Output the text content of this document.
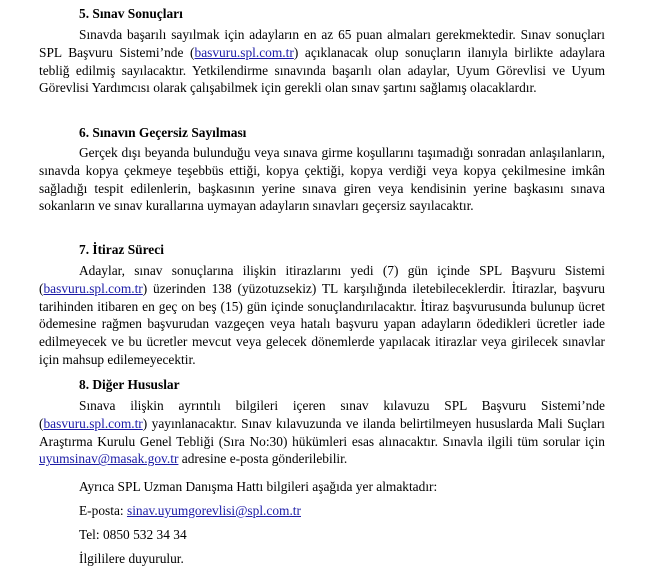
5. Sınav Sonuçları

Sınavda başarılı sayılmak için adayların en az 65 puan almaları gerekmektedir. Sınav sonuçları SPL Başvuru Sistemi’nde (basvuru.spl.com.tr) açıklanacak olup sonuçların ilanıyla birlikte adaylara tebliğ edilmiş sayılacaktır. Yetkilendirme sınavında başarılı olan adaylar, Uyum Görevlisi ve Uyum Görevlisi Yardımcısı olarak çalışabilmek için gerekli olan sınav şartını sağlamış olacaklardır.

6. Sınavın Geçersiz Sayılması

Gerçek dışı beyanda bulunduğu veya sınava girme koşullarını taşımadığı sonradan anlaşılanların, sınavda kopya çekmeye teşebbüs ettiği, kopya çektiği, kopya verdiği veya kopya çekilmesine imkân sağladığı tespit edilenlerin, başkasının yerine sınava giren veya kendisinin yerine başkasını sınava sokanların ve sınav kurallarına uymayan adayların sınavları geçersiz sayılacaktır.

7. İtiraz Süreci

Adaylar, sınav sonuçlarına ilişkin itirazlarını yedi (7) gün içinde SPL Başvuru Sistemi (basvuru.spl.com.tr) üzerinden 138 (yüzotuzsekiz) TL karşılığında iletebileceklerdir. İtirazlar, başvuru tarihinden itibaren en geç on beş (15) gün içinde sonuçlandırılacaktır. İtiraz başvurusunda bulunup ücret ödemesine rağmen başvurudan vazgeçen veya hatalı başvuru yapan adayların ödedikleri ücretler iade edilmeyecek ve bu ücretler mevcut veya gelecek dönemlerde yapılacak itirazlar veya girilecek sınavlar için mahsup edilemeyecektir.

8. Diğer Hususlar

Sınava ilişkin ayrıntılı bilgileri içeren sınav kılavuzu SPL Başvuru Sistemi’nde (basvuru.spl.com.tr) yayınlanacaktır. Sınav kılavuzunda ve ilanda belirtilmeyen hususlarda Mali Suçları Araştırma Kurulu Genel Tebliği (Sıra No:30) hükümleri esas alınacaktır. Sınavla ilgili tüm sorular için uyumsinav@masak.gov.tr adresine e-posta gönderilebilir.

Ayrıca SPL Uzman Danışma Hattı bilgileri aşağıda yer almaktadır:

E-posta: sinav.uyumgorevlisi@spl.com.tr

Tel: 0850 532 34 34

İlgililere duyurulur.
